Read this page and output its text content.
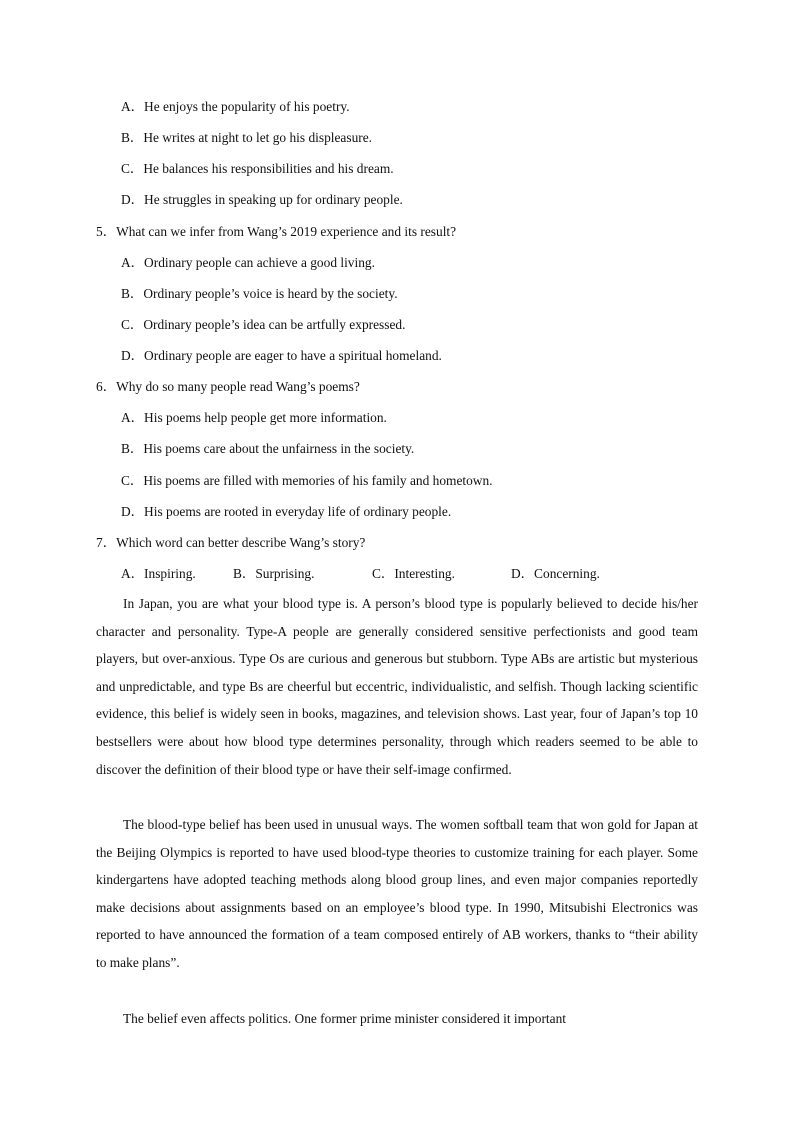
A．He enjoys the popularity of his poetry.
B．He writes at night to let go his displeasure.
C．He balances his responsibilities and his dream.
D．He struggles in speaking up for ordinary people.
5．What can we infer from Wang’s 2019 experience and its result?
A．Ordinary people can achieve a good living.
B．Ordinary people’s voice is heard by the society.
C．Ordinary people’s idea can be artfully expressed.
D．Ordinary people are eager to have a spiritual homeland.
6．Why do so many people read Wang’s poems?
A．His poems help people get more information.
B．His poems care about the unfairness in the society.
C．His poems are filled with memories of his family and hometown.
D．His poems are rooted in everyday life of ordinary people.
7．Which word can better describe Wang’s story?
A．Inspiring.	B．Surprising.	C．Interesting.	D．Concerning.
In Japan, you are what your blood type is. A person’s blood type is popularly believed to decide his/her character and personality. Type-A people are generally considered sensitive perfectionists and good team players, but over-anxious. Type Os are curious and generous but stubborn. Type ABs are artistic but mysterious and unpredictable, and type Bs are cheerful but eccentric, individualistic, and selfish. Though lacking scientific evidence, this belief is widely seen in books, magazines, and television shows. Last year, four of Japan’s top 10 bestsellers were about how blood type determines personality, through which readers seemed to be able to discover the definition of their blood type or have their self-image confirmed.
The blood-type belief has been used in unusual ways. The women softball team that won gold for Japan at the Beijing Olympics is reported to have used blood-type theories to customize training for each player. Some kindergartens have adopted teaching methods along blood group lines, and even major companies reportedly make decisions about assignments based on an employee’s blood type. In 1990, Mitsubishi Electronics was reported to have announced the formation of a team composed entirely of AB workers, thanks to “their ability to make plans”.
The belief even affects politics. One former prime minister considered it important
